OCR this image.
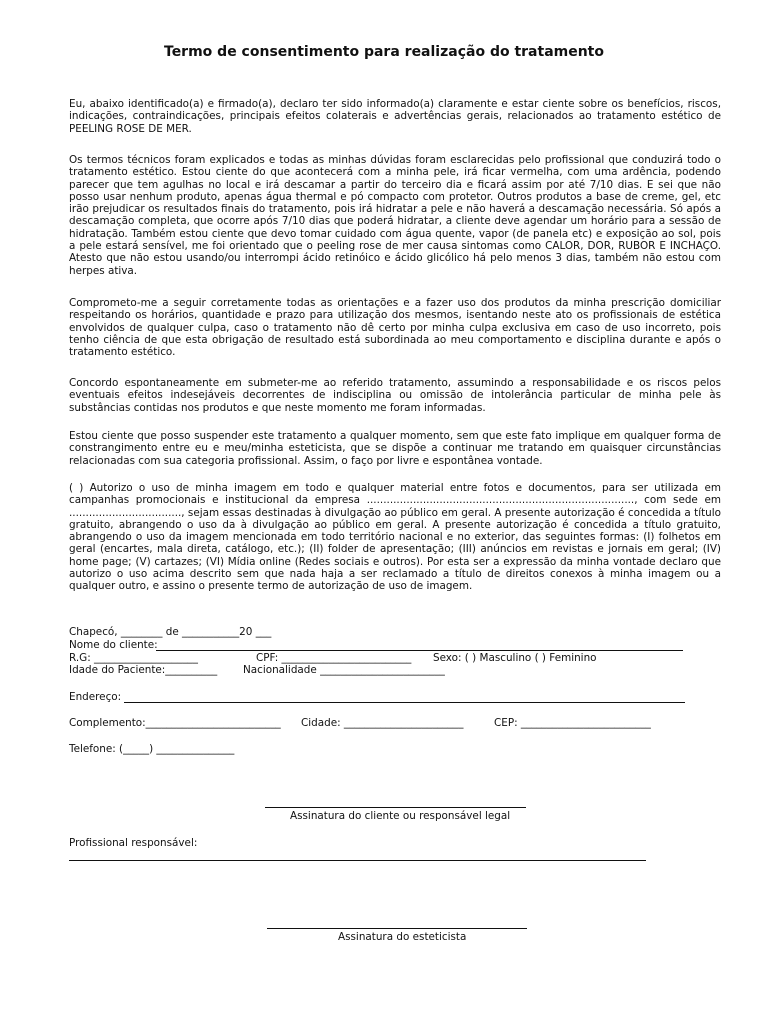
Termo de consentimento para realização do tratamento

Eu, abaixo identificado(a) e firmado(a), declaro ter sido informado(a) claramente e estar ciente sobre os benefícios, riscos, indicações, contraindicações, principais efeitos colaterais e advertências gerais, relacionados ao tratamento estético de PEELING ROSE DE MER.

Os termos técnicos foram explicados e todas as minhas dúvidas foram esclarecidas pelo profissional que conduzirá todo o tratamento estético. Estou ciente do que acontecerá com a minha pele, irá ficar vermelha, com uma ardência, podendo parecer que tem agulhas no local e irá descamar a partir do terceiro dia e ficará assim por até 7/10 dias. E sei que não posso usar nenhum produto, apenas água thermal e pó compacto com protetor. Outros produtos a base de creme, gel, etc irão prejudicar os resultados finais do tratamento, pois irá hidratar a pele e não haverá a descamação necessária. Só após a descamação completa, que ocorre após 7/10 dias que poderá hidratar, a cliente deve agendar um horário para a sessão de hidratação. Também estou ciente que devo tomar cuidado com água quente, vapor (de panela etc) e exposição ao sol, pois a pele estará sensível, me foi orientado que o peeling rose de mer causa sintomas como CALOR, DOR, RUBOR E INCHAÇO. Atesto que não estou usando/ou interrompi ácido retinóico e ácido glicólico há pelo menos 3 dias, também não estou com herpes ativa.

Comprometo-me a seguir corretamente todas as orientações e a fazer uso dos produtos da minha prescrição domiciliar respeitando os horários, quantidade e prazo para utilização dos mesmos, isentando neste ato os profissionais de estética envolvidos de qualquer culpa, caso o tratamento não dê certo por minha culpa exclusiva em caso de uso incorreto, pois tenho ciência de que esta obrigação de resultado está subordinada ao meu comportamento e disciplina durante e após o tratamento estético.

Concordo espontaneamente em submeter-me ao referido tratamento, assumindo a responsabilidade e os riscos pelos eventuais efeitos indesejáveis decorrentes de indisciplina ou omissão de intolerância particular de minha pele às substâncias contidas nos produtos e que neste momento me foram informadas.

Estou ciente que posso suspender este tratamento a qualquer momento, sem que este fato implique em qualquer forma de constrangimento entre eu e meu/minha esteticista, que se dispõe a continuar me tratando em quaisquer circunstâncias relacionadas com sua categoria profissional. Assim, o faço por livre e espontânea vontade.

( ) Autorizo o uso de minha imagem em todo e qualquer material entre fotos e documentos, para ser utilizada em campanhas promocionais e institucional da empresa ................................................................................., com sede em .................................., sejam essas destinadas à divulgação ao público em geral. A presente autorização é concedida a título gratuito, abrangendo o uso da à divulgação ao público em geral. A presente autorização é concedida a título gratuito, abrangendo o uso da imagem mencionada em todo território nacional e no exterior, das seguintes formas: (I) folhetos em geral (encartes, mala direta, catálogo, etc.); (II) folder de apresentação; (III) anúncios em revistas e jornais em geral; (IV) home page; (V) cartazes; (VI) Mídia online (Redes sociais e outros). Por esta ser a expressão da minha vontade declaro que autorizo o uso acima descrito sem que nada haja a ser reclamado a título de direitos conexos à minha imagem ou a qualquer outro, e assino o presente termo de autorização de uso de imagem.

Chapecó, ________ de ___________20 ___
Nome do cliente:
R.G: ____________________	CPF: _________________________ Sexo: ( ) Masculino ( ) Feminino
Idade do Paciente:__________ Nacionalidade ________________________
Endereço:
Complemento:__________________________ Cidade: _______________________	CEP: _________________________
Telefone: (_____) _______________
Assinatura do cliente ou responsável legal
Profissional responsável:
Assinatura do esteticista
